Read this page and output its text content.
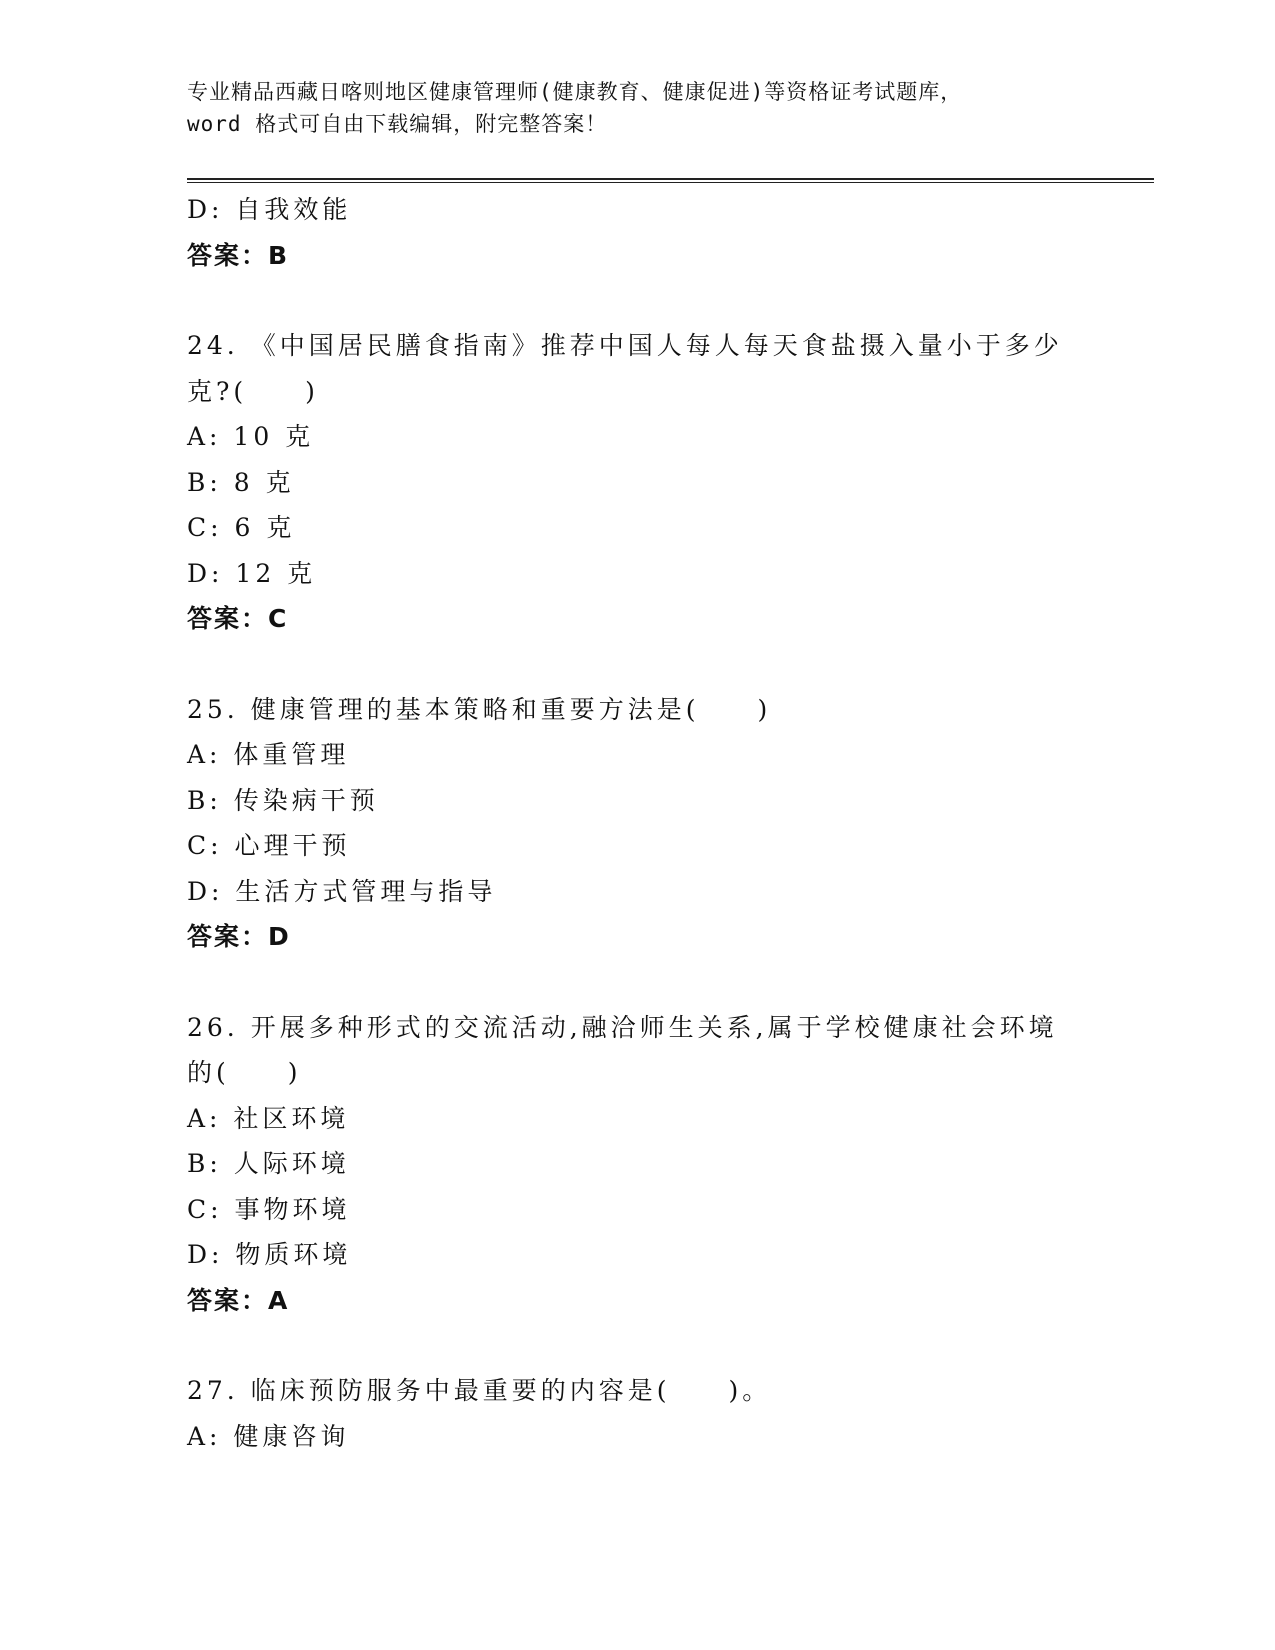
专业精品西藏日喀则地区健康管理师(健康教育、健康促进)等资格证考试题库，
word 格式可自由下载编辑，附完整答案！
D: 自我效能
答案：B
24. 《中国居民膳食指南》推荐中国人每人每天食盐摄入量小于多少
克?(　　)
A: 10 克
B: 8 克
C: 6 克
D: 12 克
答案：C
25. 健康管理的基本策略和重要方法是(　　)
A: 体重管理
B: 传染病干预
C: 心理干预
D: 生活方式管理与指导
答案：D
26. 开展多种形式的交流活动,融洽师生关系,属于学校健康社会环境
的(　　)
A: 社区环境
B: 人际环境
C: 事物环境
D: 物质环境
答案：A
27. 临床预防服务中最重要的内容是(　　)。
A: 健康咨询
